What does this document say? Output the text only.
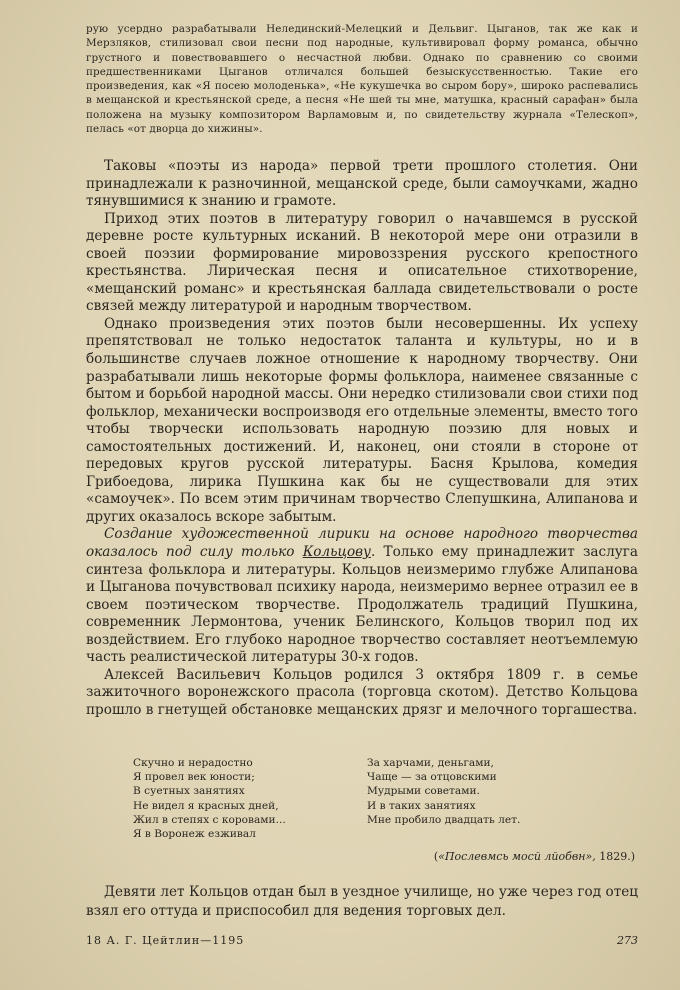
рую усердно разрабатывали Нелединский-Мелецкий и Дельвиг. Цыганов, так же как и Мерзляков, стилизовал свои песни под народные, культивировал форму романса, обычно грустного и повествовавшего о несчастной любви. Однако по сравнению со своими предшественниками Цыганов отличался большей безыскусственностью. Такие его произведения, как «Я посею молоденька», «Не кукушечка во сыром бору», широко распевались в мещанской и крестьянской среде, а песня «Не шей ты мне, матушка, красный сарафан» была положена на музыку композитором Варламовым и, по свидетельству журнала «Телескоп», пелась «от дворца до хижины».

Таковы «поэты из народа» первой трети прошлого столетия. Они принадлежали к разночинной, мещанской среде, были самоучками, жадно тянувшимися к знанию и грамоте.

Приход этих поэтов в литературу говорил о начавшемся в русской деревне росте культурных исканий. В некоторой мере они отразили в своей поэзии формирование мировоззрения русского крепостного крестьянства. Лирическая песня и описательное стихотворение, «мещанский романс» и крестьянская баллада свидетельствовали о росте связей между литературой и народным творчеством.

Однако произведения этих поэтов были несовершенны. Их успеху препятствовал не только недостаток таланта и культуры, но и в большинстве случаев ложное отношение к народному творчеству. Они разрабатывали лишь некоторые формы фольклора, наименее связанные с бытом и борьбой народной массы. Они нередко стилизовали свои стихи под фольклор, механически воспроизводя его отдельные элементы, вместо того чтобы творчески использовать народную поэзию для новых и самостоятельных достижений. И, наконец, они стояли в стороне от передовых кругов русской литературы. Басня Крылова, комедия Грибоедова, лирика Пушкина как бы не существовали для этих «самоучек». По всем этим причинам творчество Слепушкина, Алипанова и других оказалось вскоре забытым.

Создание художественной лирики на основе народного творчества оказалось под силу только Кольцову. Только ему принадлежит заслуга синтеза фольклора и литературы. Кольцов неизмеримо глубже Алипанова и Цыганова почувствовал психику народа, неизмеримо вернее отразил ее в своем поэтическом творчестве. Продолжатель традиций Пушкина, современник Лермонтова, ученик Белинского, Кольцов творил под их воздействием. Его глубоко народное творчество составляет неотъемлемую часть реалистической литературы 30-х годов.

Алексей Васильевич Кольцов родился 3 октября 1809 г. в семье зажиточного воронежского прасола (торговца скотом). Детство Кольцова прошло в гнетущей обстановке мещанских дрязг и мелочного торгашества.

Скучно и нерадостно
Я провел век юности;
В суетных занятиях
Не видел я красных дней,
Жил в степях с коровами...
Я в Воронеж езживал
За харчами, деньгами,
Чаще — за отцовскими
Мудрыми советами.
И в таких занятиях
Мне пробило двадцать лет.
(«Послевмсь мосй лйобвн», 1829.)

Девяти лет Кольцов отдан был в уездное училище, но уже через год отец взял его оттуда и приспособил для ведения торговых дел.

18 А. Г. Цейтлин—1195	273
